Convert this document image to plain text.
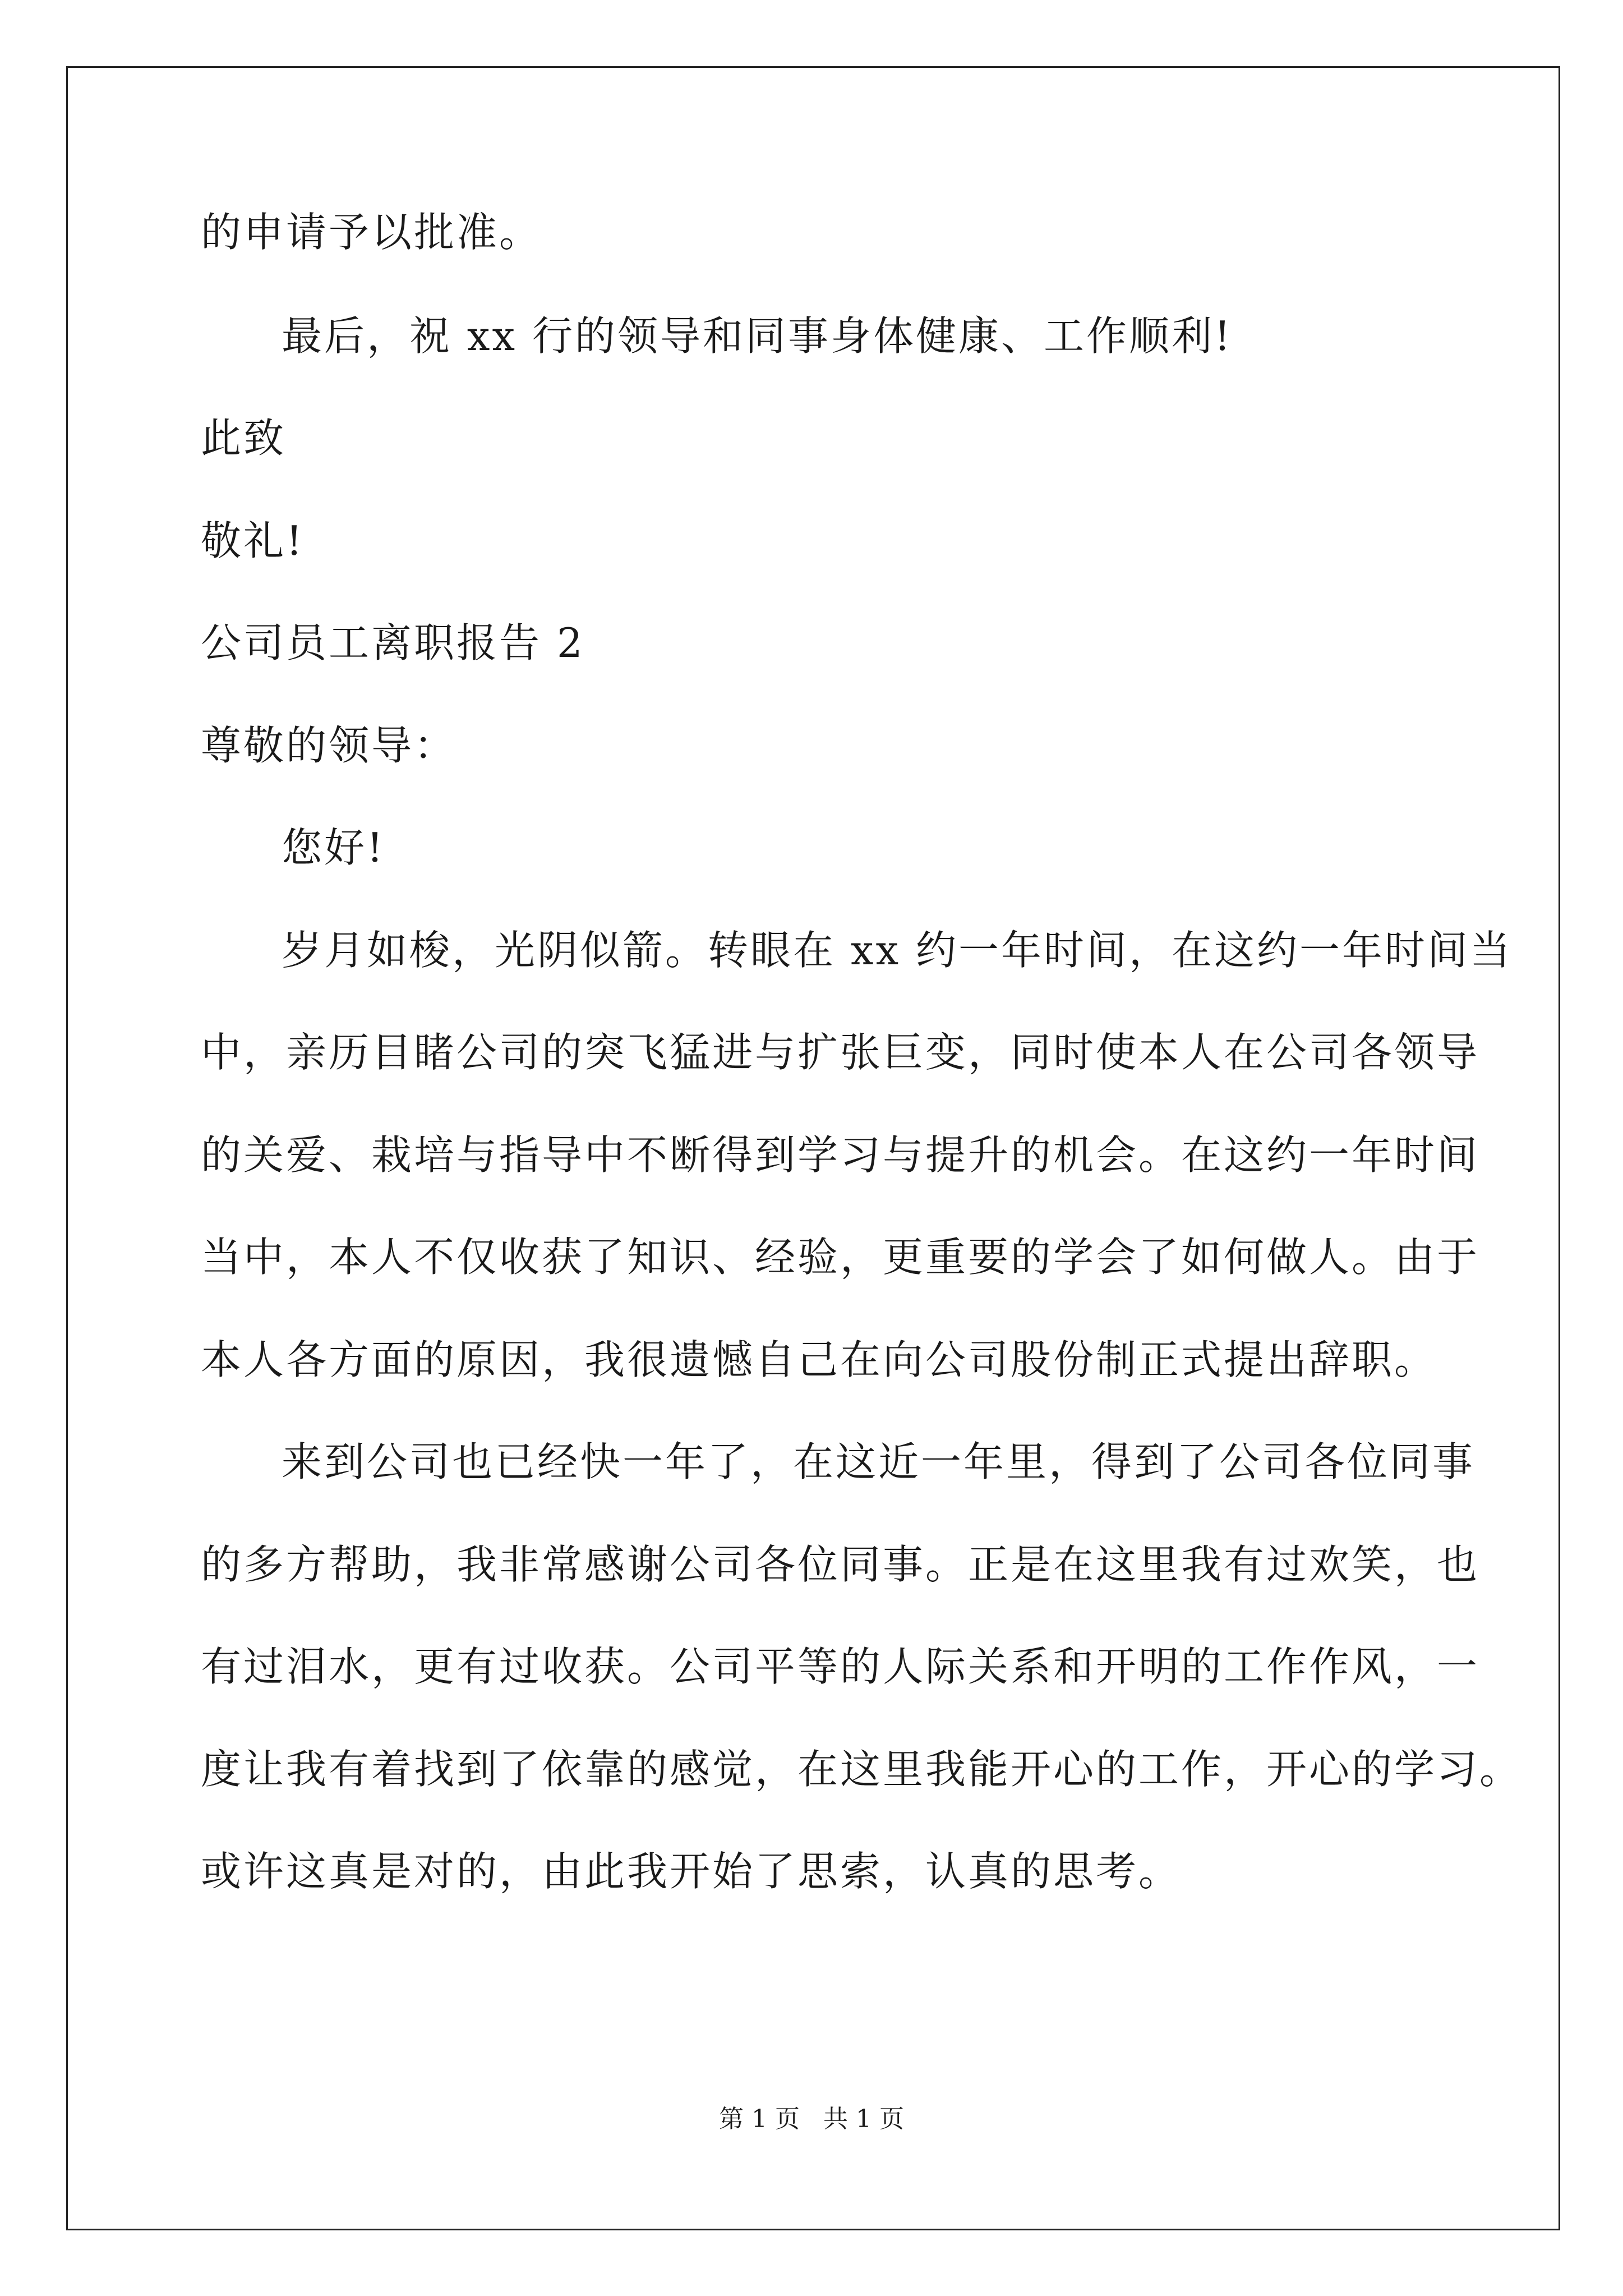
的申请予以批准。
最后，祝 xx 行的领导和同事身体健康、工作顺利!
此致
敬礼!
公司员工离职报告 2
尊敬的领导：
您好!
岁月如梭，光阴似箭。转眼在 xx 约一年时间，在这约一年时间当
中，亲历目睹公司的突飞猛进与扩张巨变，同时使本人在公司各领导
的关爱、栽培与指导中不断得到学习与提升的机会。在这约一年时间
当中，本人不仅收获了知识、经验，更重要的学会了如何做人。由于
本人各方面的原因，我很遗憾自己在向公司股份制正式提出辞职。
来到公司也已经快一年了，在这近一年里，得到了公司各位同事
的多方帮助，我非常感谢公司各位同事。正是在这里我有过欢笑，也
有过泪水，更有过收获。公司平等的人际关系和开明的工作作风，一
度让我有着找到了依靠的感觉，在这里我能开心的工作，开心的学习。
或许这真是对的，由此我开始了思索，认真的思考。
第 1 页   共 1 页
